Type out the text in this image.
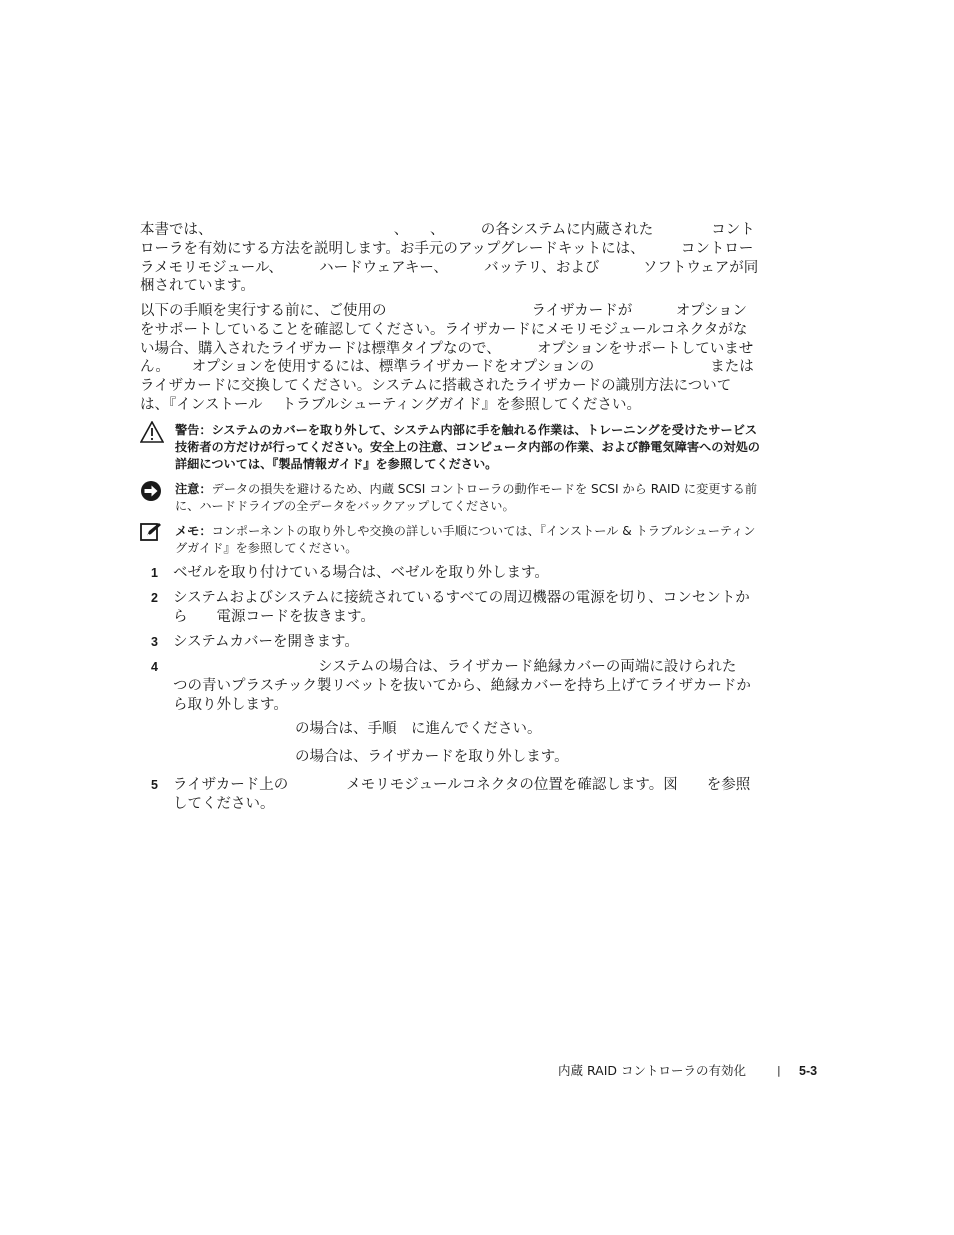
本書では、　　　　　　　　　　　　　、　　、　　　の各システムに内蔵された　　　　コントローラを有効にする方法を説明します。お手元のアップグレードキットには、　　　コントローラメモリモジュール、　　　ハードウェアキー、　　　バッテリ、および　　　ソフトウェアが同梱されています。

以下の手順を実行する前に、ご使用の　　　　　　　　　　ライザカードが　　　オプションをサポートしていることを確認してください。ライザカードにメモリモジュールコネクタがない場合、購入されたライザカードは標準タイプなので、　　　オプションをサポートしていません。　　オプションを使用するには、標準ライザカードをオプションの　　　　　　　　または　　　　　　　ライザカードに交換してください。システムに搭載されたライザカードの識別方法については、『インストール　 トラブルシューティングガイド』を参照してください。

警告：システムのカバーを取り外して、システム内部に手を触れる作業は、トレーニングを受けたサービス技術者の方だけが行ってください。安全上の注意、コンピュータ内部の作業、および静電気障害への対処の詳細については、『製品情報ガイド』を参照してください。
注意：データの損失を避けるため、内蔵 SCSI コントローラの動作モードを SCSI から RAID に変更する前に、ハードドライブの全データをバックアップしてください。
メモ：コンポーネントの取り外しや交換の詳しい手順については、『インストール & トラブルシューティングガイド』を参照してください。
1 ベゼルを取り付けている場合は、ベゼルを取り外します。
2 システムおよびシステムに接続されているすべての周辺機器の電源を切り、コンセントから　　電源コードを抜きます。
3 システムカバーを開きます。
4 　　　　　　　　　　システムの場合は、ライザカード絶縁カバーの両端に設けられた　つの青いプラスチック製リベットを抜いてから、絶縁カバーを持ち上げてライザカードから取り外します。
の場合は、手順　に進んでください。
の場合は、ライザカードを取り外します。
5 ライザカード上の　　　　メモリモジュールコネクタの位置を確認します。図　　を参照してください。
内蔵 RAID コントローラの有効化	| 5-3
